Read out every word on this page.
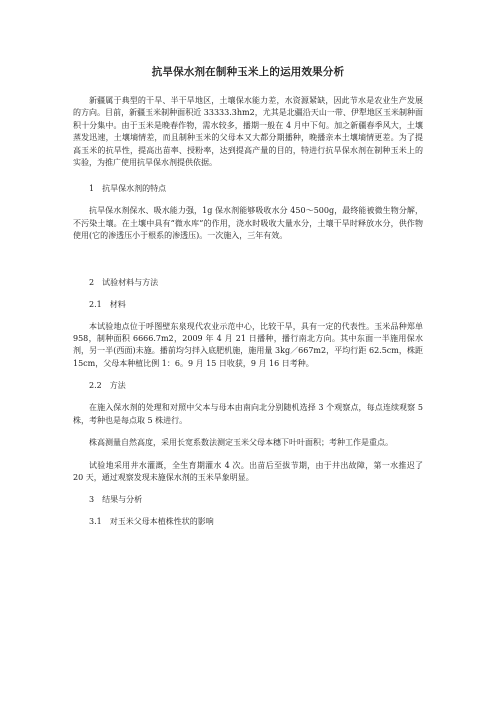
抗旱保水剂在制种玉米上的运用效果分析

新疆属于典型的干旱、半干旱地区，土壤保水能力差，水资源紧缺，因此节水是农业生产发展的方向。目前，新疆玉米制种面积近 33333.3hm2，尤其是北疆沿天山一带、伊犁地区玉米制种面积十分集中。由于玉米是晚春作物，需水较多，播期一般在 4 月中下旬。加之新疆春季风大，土壤蒸发迅速，土壤墒情差，而且制种玉米的父母本又大都分期播种，晚播亲本土壤墒情更差。为了提高玉米的抗旱性，提高出苗率、授粉率，达到提高产量的目的，特进行抗旱保水剂在制种玉米上的实验，为推广使用抗旱保水剂提供依据。

1　抗旱保水剂的特点

抗旱保水剂保水、吸水能力强，1g 保水剂能够吸收水分 450～500g，最终能被微生物分解，不污染土壤。在土壤中具有“微水库”的作用，浇水时吸收大量水分，土壤干旱时释放水分，供作物使用(它的渗透压小于根系的渗透压)。一次施入，三年有效。

2　试验材料与方法
2.1　材料

本试验地点位于呼图壁东泉现代农业示范中心，比较干旱，具有一定的代表性。玉米品种郑单 958，制种面积 6666.7m2，2009 年 4 月 21 日播种，播行南北方向。其中东面一半施用保水剂，另一半(西面)未施。播前均匀拌入底肥机施，施用量 3kg／667m2，平均行距 62.5cm，株距 15cm，父母本种植比例 1：6。9 月 15 日收获，9 月 16 日考种。

2.2　方法

在施入保水剂的处理和对照中父本与母本由南向北分别随机选择 3 个观察点，每点连续观察 5 株，考种也是每点取 5 株进行。

株高测量自然高度，采用长宽系数法测定玉米父母本穗下叶叶面积；考种工作是重点。

试验地采用井水灌溉，全生育期灌水 4 次。出苗后至拔节期，由于井出故障，第一水推迟了 20 天，通过观察发现未施保水剂的玉米旱象明显。

3　结果与分析
3.1　对玉米父母本植株性状的影响
